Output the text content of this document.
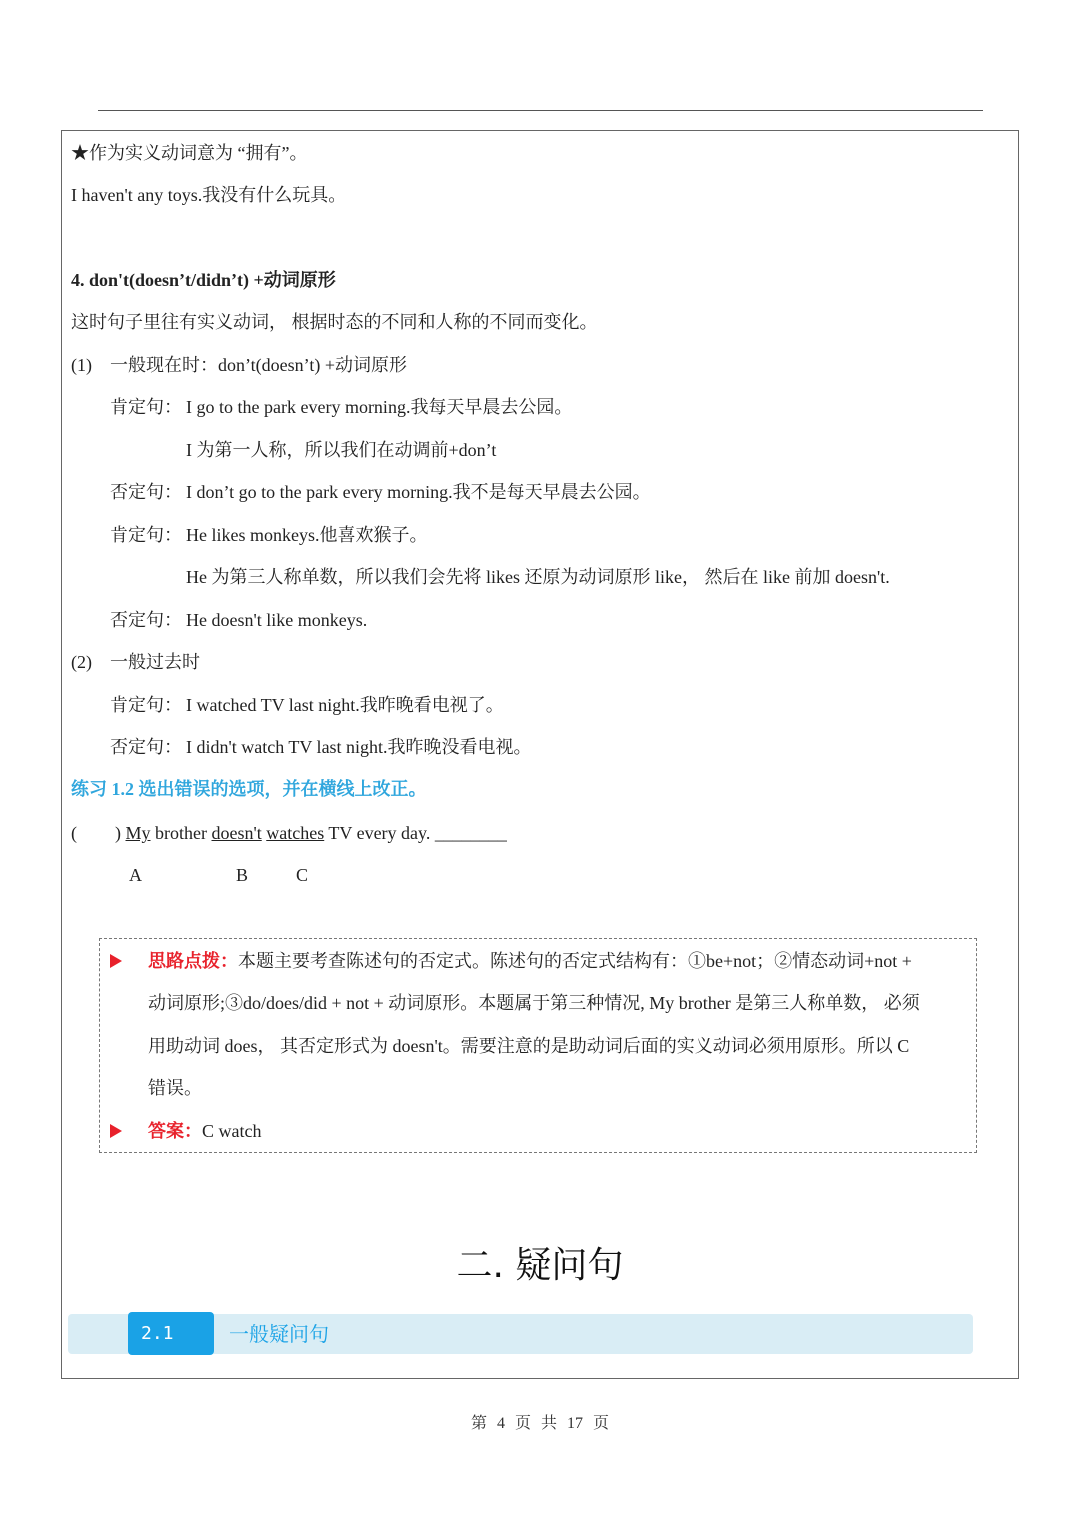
★作为实义动词意为 “拥有”。
I haven't any toys.我没有什么玩具。
4. don't(doesn’t/didn’t) +动词原形
这时句子里往有实义动词， 根据时态的不同和人称的不同而变化。
(1) 一般现在时：don’t(doesn’t) +动词原形
肯定句： I go to the park every morning.我每天早晨去公园。
I 为第一人称，所以我们在动调前+don’t
否定句： I don’t go to the park every morning.我不是每天早晨去公园。
肯定句： He likes monkeys.他喜欢猴子。
He 为第三人称单数，所以我们会先将 likes 还原为动词原形 like， 然后在 like 前加 doesn't.
否定句： He doesn't like monkeys.
(2) 一般过去时
肯定句： I watched TV last night.我昨晚看电视了。
否定句： I didn't watch TV last night.我昨晚没看电视。
练习 1.2 选出错误的选项，并在横线上改正。
( ) My brother doesn't watches TV every day. ________
A	B	C
思路点拨：本题主要考查陈述句的否定式。陈述句的否定式结构有：①be+not；②情态动词+not +
动词原形;③do/does/did + not + 动词原形。本题属于第三种情况, My brother 是第三人称单数， 必须
用助动词 does， 其否定形式为 doesn't。需要注意的是助动词后面的实义动词必须用原形。所以 C
错误。
答案：C watch
二. 疑问句
2.1	一般疑问句
第 4 页 共 17 页
